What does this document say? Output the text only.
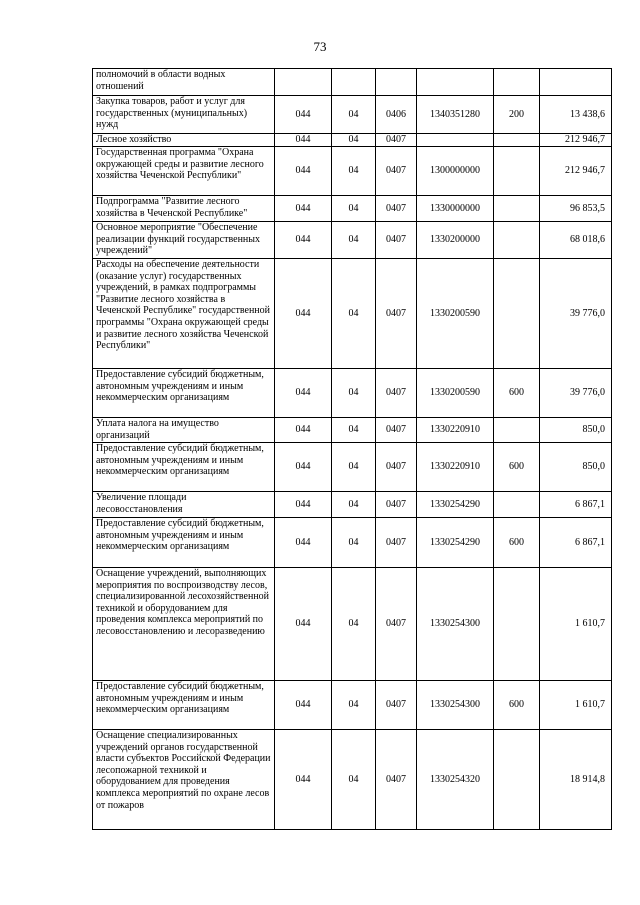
73
полномочий в области водных отношений						
Закупка товаров, работ и услуг для государственных (муниципальных) нужд	044	04	0406	1340351280	200	13 438,6
Лесное хозяйство	044	04	0407			212 946,7
Государственная программа "Охрана окружающей среды и развитие лесного хозяйства Чеченской Республики"	044	04	0407	1300000000		212 946,7
Подпрограмма "Развитие лесного хозяйства в Чеченской Республике"	044	04	0407	1330000000		96 853,5
Основное мероприятие "Обеспечение реализации функций государственных учреждений"	044	04	0407	1330200000		68 018,6
Расходы на обеспечение деятельности (оказание услуг) государственных учреждений, в рамках подпрограммы "Развитие лесного хозяйства в Чеченской Республике" государственной программы "Охрана окружающей среды и развитие лесного хозяйства Чеченской Республики"	044	04	0407	1330200590		39 776,0
Предоставление субсидий бюджетным, автономным учреждениям и иным некоммерческим организациям	044	04	0407	1330200590	600	39 776,0
Уплата налога на имущество организаций	044	04	0407	1330220910		850,0
Предоставление субсидий бюджетным, автономным учреждениям и иным некоммерческим организациям	044	04	0407	1330220910	600	850,0
Увеличение площади лесовосстановления	044	04	0407	1330254290		6 867,1
Предоставление субсидий бюджетным, автономным учреждениям и иным некоммерческим организациям	044	04	0407	1330254290	600	6 867,1
Оснащение учреждений, выполняющих мероприятия по воспроизводству лесов, специализированной лесохозяйственной техникой и оборудованием для проведения комплекса мероприятий по лесовосстановлению и лесоразведению	044	04	0407	1330254300		1 610,7
Предоставление субсидий бюджетным, автономным учреждениям и иным некоммерческим организациям	044	04	0407	1330254300	600	1 610,7
Оснащение специализированных учреждений органов государственной власти субъектов Российской Федерации лесопожарной техникой и оборудованием для проведения комплекса мероприятий по охране лесов от пожаров	044	04	0407	1330254320		18 914,8
